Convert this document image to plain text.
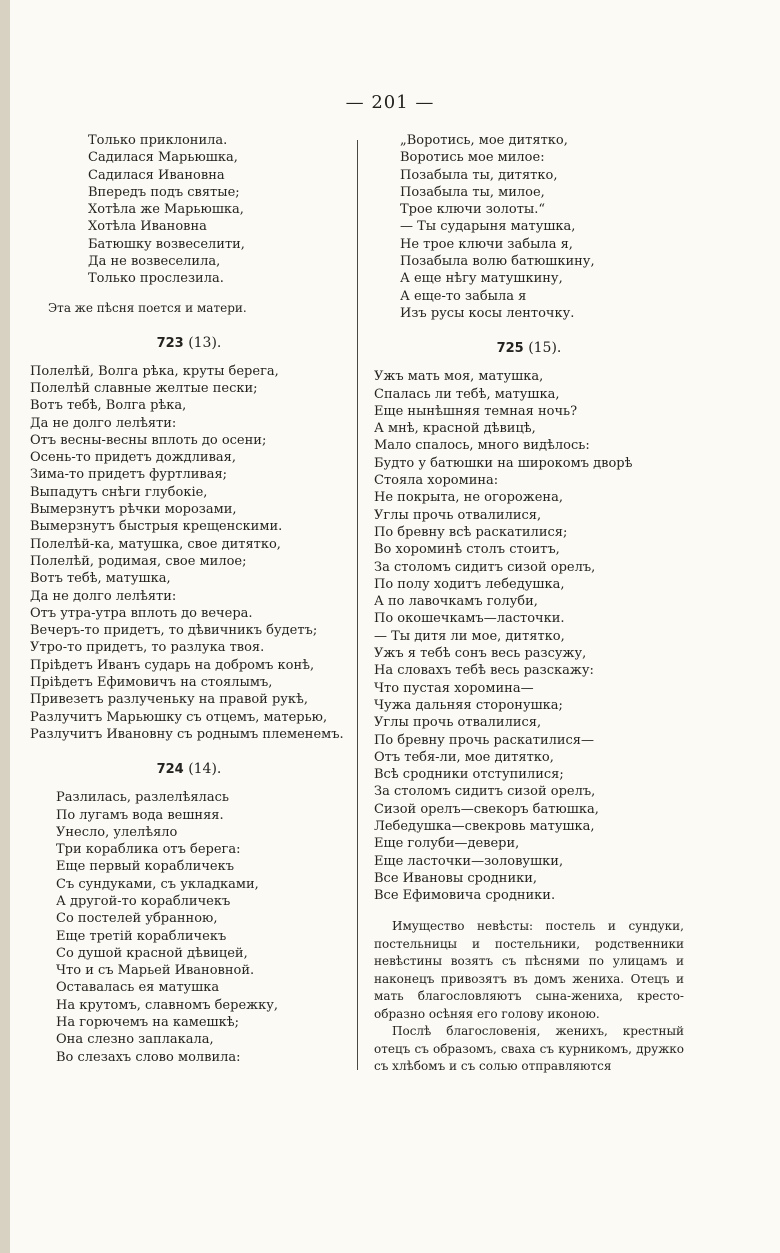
— 201 —
Только приклонила.
Садилася Марьюшка,
Садилася Ивановна
Впередъ подъ святые;
Хотѣла же Марьюшка,
Хотѣла Ивановна
Батюшку возвеселити,
Да не возвеселила,
Только прослезила.
Эта же пѣсня поется и матери.
723 (13).
Полелѣй, Волга рѣка, круты берега,
Полелѣй славные желтые пески;
Вотъ тебѣ, Волга рѣка,
Да не долго лелѣяти:
Отъ весны-весны вплоть до осени;
Осень-то придетъ дождливая,
Зима-то придетъ фуртливая;
Выпадутъ снѣги глубокіе,
Вымерзнутъ рѣчки морозами,
Вымерзнутъ быстрыя крещенскими.
Полелѣй-ка, матушка, свое дитятко,
Полелѣй, родимая, свое милое;
Вотъ тебѣ, матушка,
Да не долго лелѣяти:
Отъ утра-утра вплоть до вечера.
Вечеръ-то придетъ, то дѣвичникъ будетъ;
Утро-то придетъ, то разлука твоя.
Пріѣдетъ Иванъ сударь на добромъ конѣ,
Пріѣдетъ Ефимовичъ на стоялымъ,
Привезетъ разлученьку на правой рукѣ,
Разлучитъ Марьюшку съ отцемъ, матерью,
Разлучитъ Ивановну съ роднымъ племенемъ.
724 (14).
Разлилась, разлелѣялась
По лугамъ вода вешняя.
Унесло, улелѣяло
Три кораблика отъ берега:
Еще первый корабличекъ
Съ сундуками, съ укладками,
А другой-то корабличекъ
Со постелей убранною,
Еще третій корабличекъ
Со душой красной дѣвицей,
Что и съ Марьей Ивановной.
Оставалась ея матушка
На крутомъ, славномъ бережку,
На горючемъ на камешкѣ;
Она слезно заплакала,
Во слезахъ слово молвила:
„Воротись, мое дитятко,
Воротись мое милое:
Позабыла ты, дитятко,
Позабыла ты, милое,
Трое ключи золоты.“
— Ты сударыня матушка,
Не трое ключи забыла я,
Позабыла волю батюшкину,
А еще нѣгу матушкину,
А еще-то забыла я
Изъ русы косы ленточку.
725 (15).
Ужъ мать моя, матушка,
Спалась ли тебѣ, матушка,
Еще нынѣшняя темная ночь?
А мнѣ, красной дѣвицѣ,
Мало спалось, много видѣлось:
Будто у батюшки на широкомъ дворѣ
Стояла хоромина:
Не покрыта, не огорожена,
Углы прочь отвалилися,
По бревну всѣ раскатилися;
Во хороминѣ столъ стоитъ,
За столомъ сидитъ сизой орелъ,
По полу ходитъ лебедушка,
А по лавочкамъ голуби,
По окошечкамъ—ласточки.
— Ты дитя ли мое, дитятко,
Ужъ я тебѣ сонъ весь разсужу,
На словахъ тебѣ весь разскажу:
Что пустая хоромина—
Чужа дальняя сторонушка;
Углы прочь отвалилися,
По бревну прочь раскатилися—
Отъ тебя-ли, мое дитятко,
Всѣ сродники отступилися;
За столомъ сидитъ сизой орелъ,
Сизой орелъ—свекоръ батюшка,
Лебедушка—свекровь матушка,
Еще голуби—девери,
Еще ласточки—золовушки,
Все Ивановы сродники,
Все Ефимовича сродники.
Имущество невѣсты: постель и сундуки, постельницы и постельники, родственники невѣстины возятъ съ пѣснями по улицамъ и наконецъ привозятъ въ домъ жениха. Отецъ и мать благословляютъ сына-жениха, кресто-образно осѣняя его голову иконою.
Послѣ благословенія, женихъ, крестный отецъ съ образомъ, сваха съ курникомъ, дружко съ хлѣбомъ и съ солью отправляются
